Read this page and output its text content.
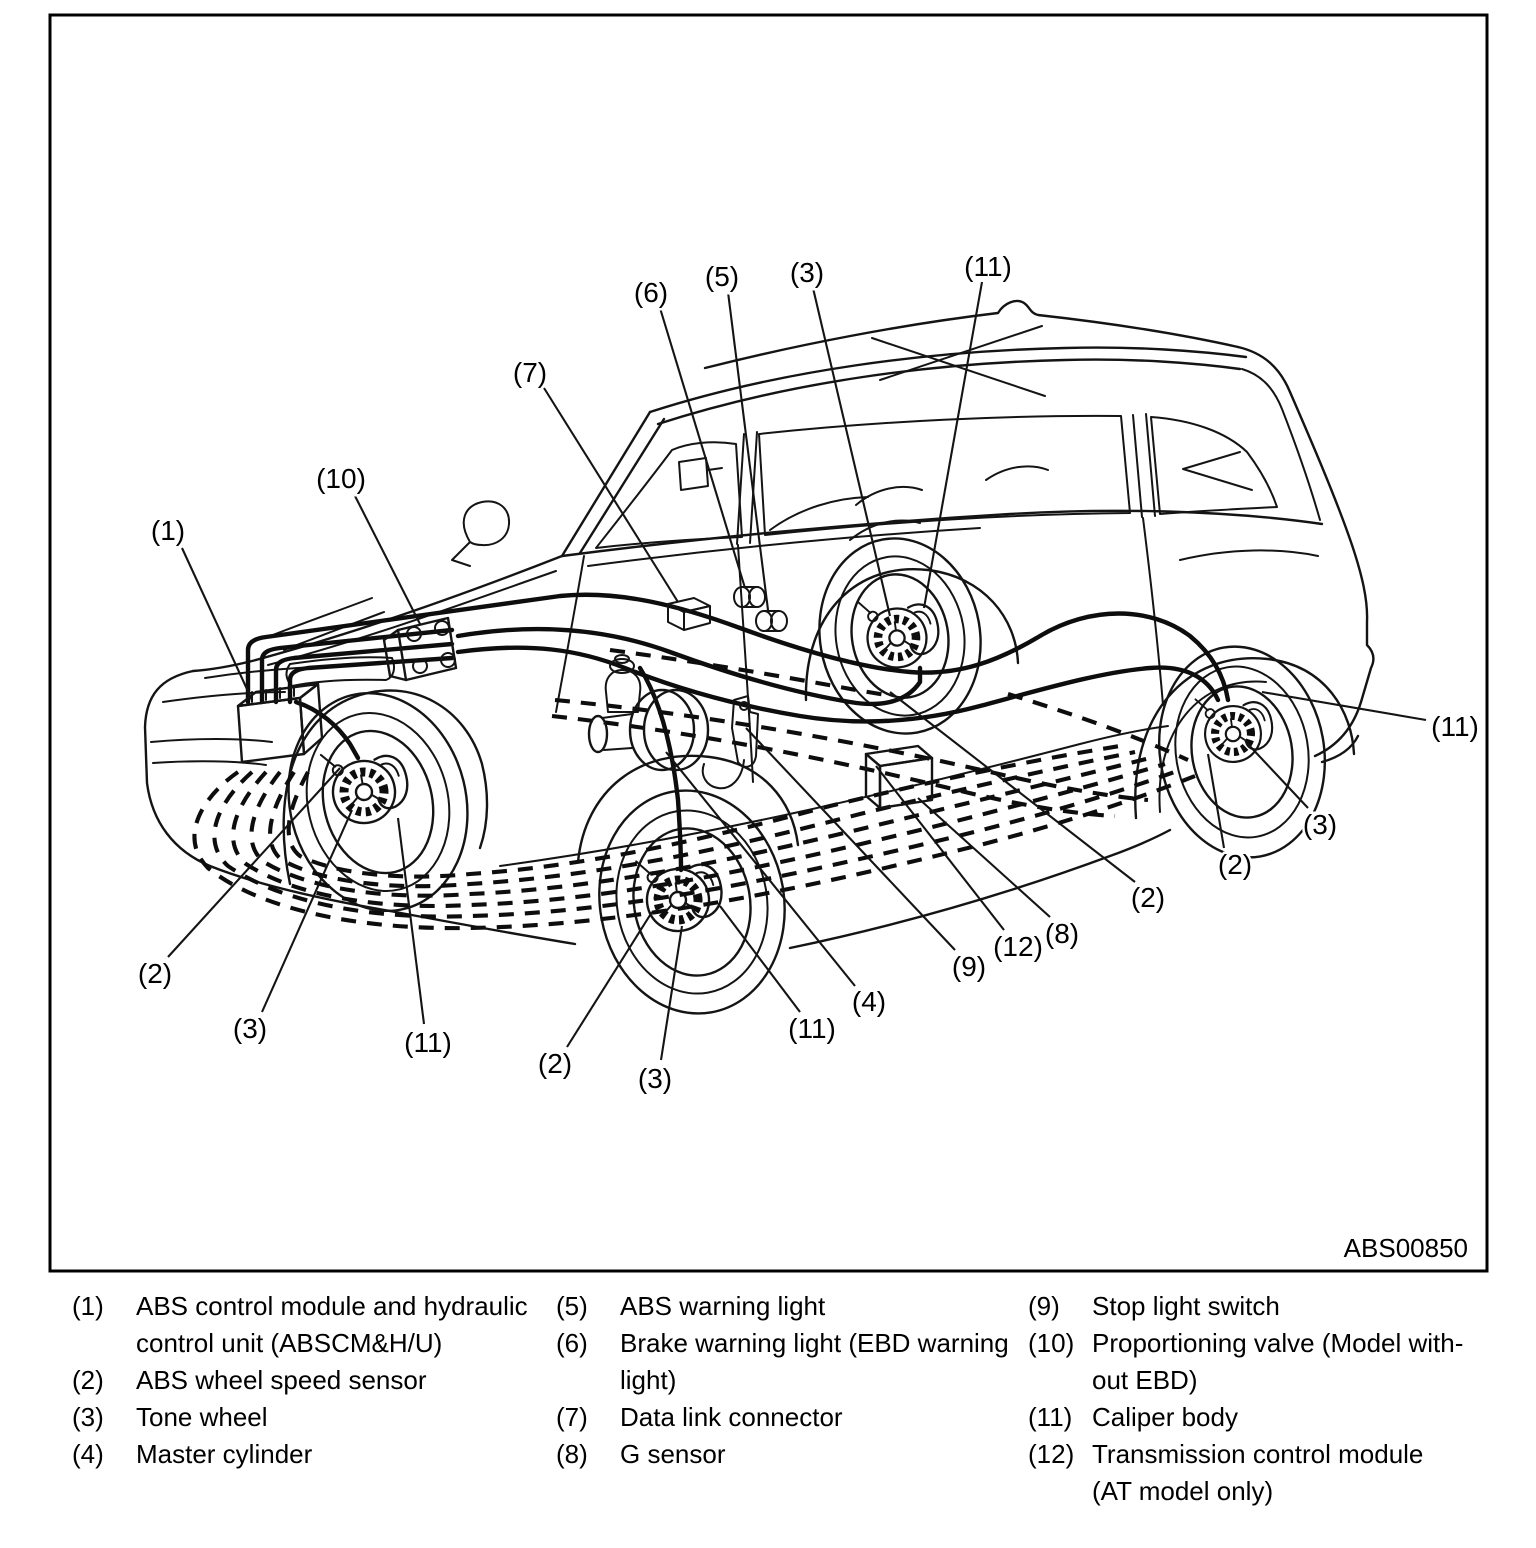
(1)
(10)
(7)
(6)
(5) (3)	(11)
(11)
(3)
(2)
(2)
(8)
(12)
(9)
(4)
(11)
(3)
(2)
(11)
(3)
(2)
ABS00850
(1)	ABS control module and hydraulic
control unit (ABSCM&H/U)
(2)	ABS wheel speed sensor
(3)	Tone wheel
(4)	Master cylinder
(5)	ABS warning light
(6)	Brake warning light (EBD warning
light)
(7)	Data link connector
(8)	G sensor
(9)	Stop light switch
(10) Proportioning valve (Model with-
out EBD)
(11) Caliper body
(12) Transmission control module
(AT model only)
